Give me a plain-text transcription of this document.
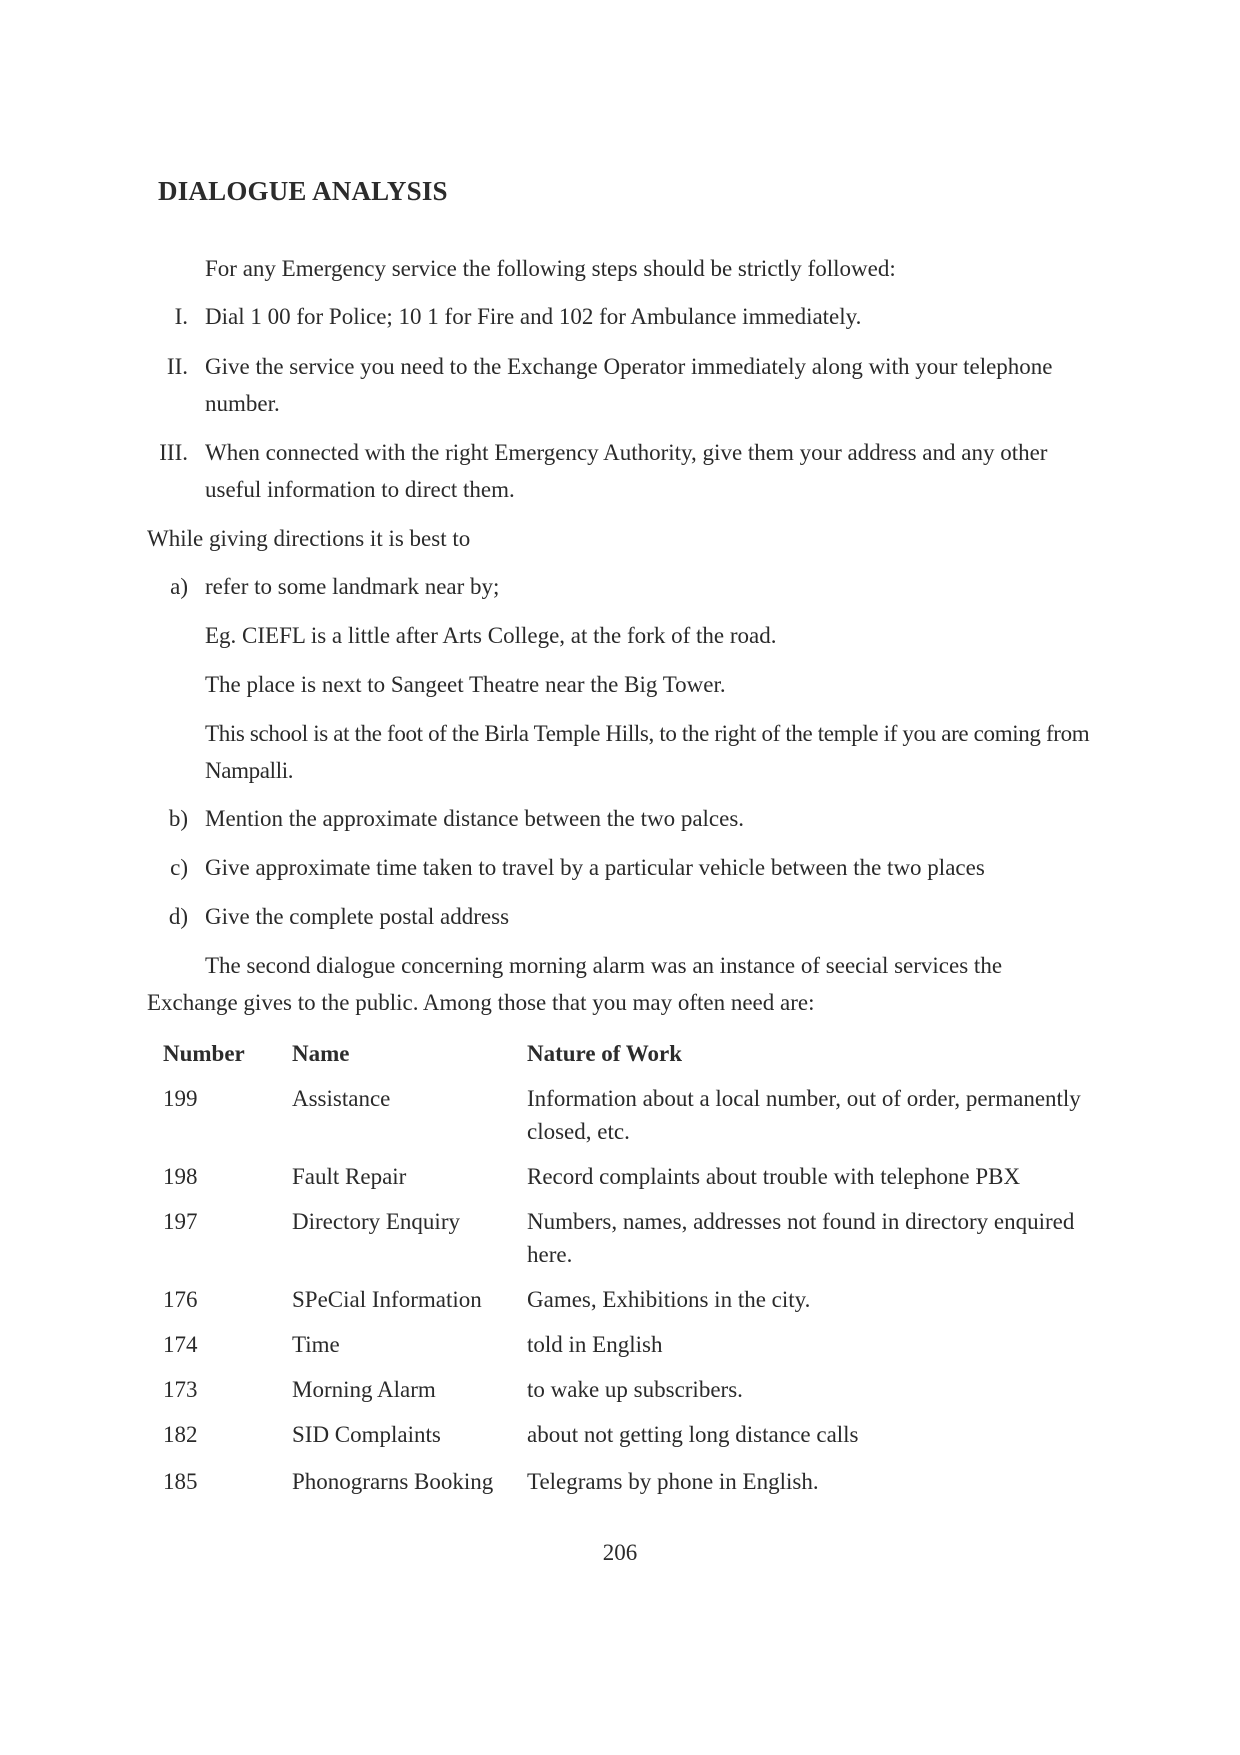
DIALOGUE ANALYSIS
For any Emergency service the following steps should be strictly followed:
I. Dial 1 00 for Police; 10 1 for Fire and 102 for Ambulance immediately.
II. Give the service you need to the Exchange Operator immediately along with your telephone number.
III. When connected with the right Emergency Authority, give them your address and any other useful information to direct them.
While giving directions it is best to
a) refer to some landmark near by;
Eg. CIEFL is a little after Arts College, at the fork of the road.
The place is next to Sangeet Theatre near the Big Tower.
This school is at the foot of the Birla Temple Hills, to the right of the temple if you are coming from Nampalli.
b) Mention the approximate distance between the two palces.
c) Give approximate time taken to travel by a particular vehicle between the two places
d) Give the complete postal address
The second dialogue concerning morning alarm was an instance of seecial services the Exchange gives to the public. Among those that you may often need are:
Number	Name	Nature of Work
199	Assistance	Information about a local number, out of order, permanently closed, etc.
198	Fault Repair	Record complaints about trouble with telephone PBX
197	Directory Enquiry	Numbers, names, addresses not found in directory enquired here.
176	SPeCial Information	Games, Exhibitions in the city.
174	Time	told in English
173	Morning Alarm	to wake up subscribers.
182	SID Complaints	about not getting long distance calls
185	Phonograrns Booking	Telegrams by phone in English.
206
